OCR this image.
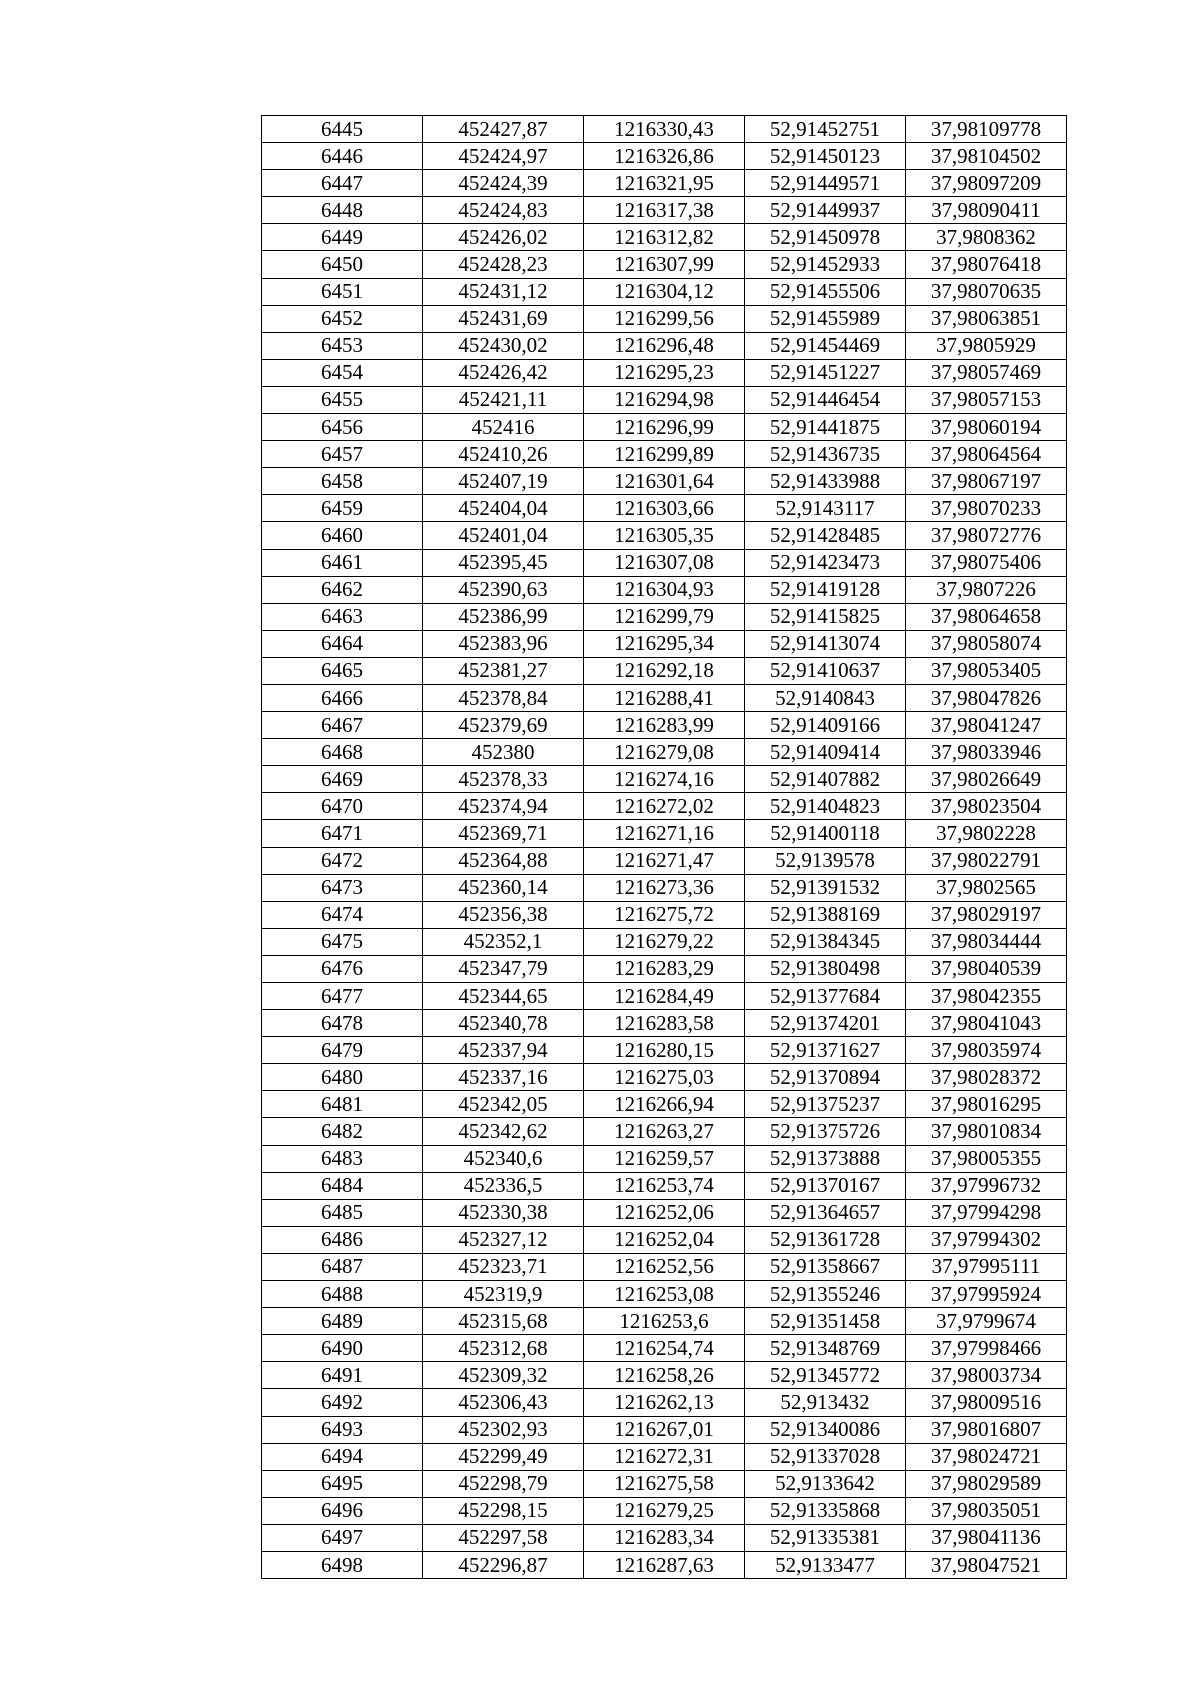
6445	452427,87	1216330,43	52,91452751	37,98109778
6446	452424,97	1216326,86	52,91450123	37,98104502
6447	452424,39	1216321,95	52,91449571	37,98097209
6448	452424,83	1216317,38	52,91449937	37,98090411
6449	452426,02	1216312,82	52,91450978	37,9808362
6450	452428,23	1216307,99	52,91452933	37,98076418
6451	452431,12	1216304,12	52,91455506	37,98070635
6452	452431,69	1216299,56	52,91455989	37,98063851
6453	452430,02	1216296,48	52,91454469	37,9805929
6454	452426,42	1216295,23	52,91451227	37,98057469
6455	452421,11	1216294,98	52,91446454	37,98057153
6456	452416	1216296,99	52,91441875	37,98060194
6457	452410,26	1216299,89	52,91436735	37,98064564
6458	452407,19	1216301,64	52,91433988	37,98067197
6459	452404,04	1216303,66	52,9143117	37,98070233
6460	452401,04	1216305,35	52,91428485	37,98072776
6461	452395,45	1216307,08	52,91423473	37,98075406
6462	452390,63	1216304,93	52,91419128	37,9807226
6463	452386,99	1216299,79	52,91415825	37,98064658
6464	452383,96	1216295,34	52,91413074	37,98058074
6465	452381,27	1216292,18	52,91410637	37,98053405
6466	452378,84	1216288,41	52,9140843	37,98047826
6467	452379,69	1216283,99	52,91409166	37,98041247
6468	452380	1216279,08	52,91409414	37,98033946
6469	452378,33	1216274,16	52,91407882	37,98026649
6470	452374,94	1216272,02	52,91404823	37,98023504
6471	452369,71	1216271,16	52,91400118	37,9802228
6472	452364,88	1216271,47	52,9139578	37,98022791
6473	452360,14	1216273,36	52,91391532	37,9802565
6474	452356,38	1216275,72	52,91388169	37,98029197
6475	452352,1	1216279,22	52,91384345	37,98034444
6476	452347,79	1216283,29	52,91380498	37,98040539
6477	452344,65	1216284,49	52,91377684	37,98042355
6478	452340,78	1216283,58	52,91374201	37,98041043
6479	452337,94	1216280,15	52,91371627	37,98035974
6480	452337,16	1216275,03	52,91370894	37,98028372
6481	452342,05	1216266,94	52,91375237	37,98016295
6482	452342,62	1216263,27	52,91375726	37,98010834
6483	452340,6	1216259,57	52,91373888	37,98005355
6484	452336,5	1216253,74	52,91370167	37,97996732
6485	452330,38	1216252,06	52,91364657	37,97994298
6486	452327,12	1216252,04	52,91361728	37,97994302
6487	452323,71	1216252,56	52,91358667	37,97995111
6488	452319,9	1216253,08	52,91355246	37,97995924
6489	452315,68	1216253,6	52,91351458	37,9799674
6490	452312,68	1216254,74	52,91348769	37,97998466
6491	452309,32	1216258,26	52,91345772	37,98003734
6492	452306,43	1216262,13	52,913432	37,98009516
6493	452302,93	1216267,01	52,91340086	37,98016807
6494	452299,49	1216272,31	52,91337028	37,98024721
6495	452298,79	1216275,58	52,9133642	37,98029589
6496	452298,15	1216279,25	52,91335868	37,98035051
6497	452297,58	1216283,34	52,91335381	37,98041136
6498	452296,87	1216287,63	52,9133477	37,98047521
